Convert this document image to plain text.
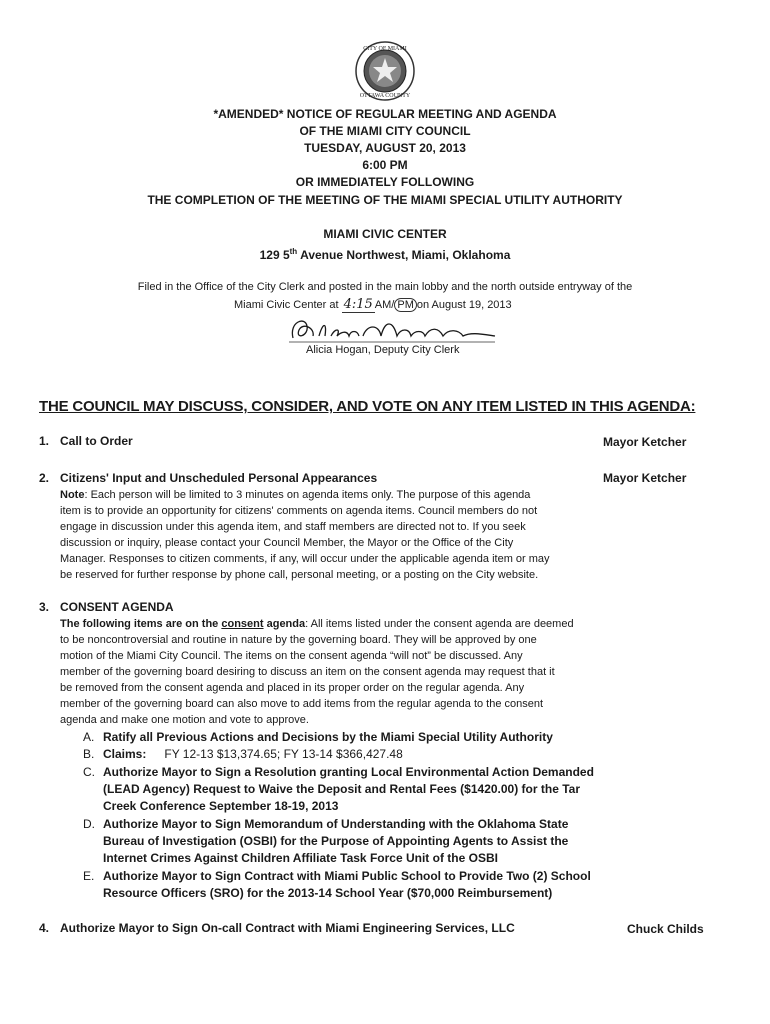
CITY OF MIAMI
OTTAWA COUNTY
*AMENDED* NOTICE OF REGULAR MEETING AND AGENDA
OF THE MIAMI CITY COUNCIL
TUESDAY, AUGUST 20, 2013
6:00 PM
OR IMMEDIATELY FOLLOWING
THE COMPLETION OF THE MEETING OF THE MIAMI SPECIAL UTILITY AUTHORITY
MIAMI CIVIC CENTER
129 5th Avenue Northwest, Miami, Oklahoma
Filed in the Office of the City Clerk and posted in the main lobby and the north outside entryway of the
Miami Civic Center at 4:15 AM/ PM on August 19, 2013
Alicia Hogan, Deputy City Clerk
THE COUNCIL MAY DISCUSS, CONSIDER, AND VOTE ON ANY ITEM LISTED IN THIS AGENDA:
1. Call to Order	Mayor Ketcher
2. Citizens' Input and Unscheduled Personal Appearances	Mayor Ketcher
Note: Each person will be limited to 3 minutes on agenda items only. The purpose of this agenda
item is to provide an opportunity for citizens' comments on agenda items. Council members do not
engage in discussion under this agenda item, and staff members are directed not to. If you seek
discussion or inquiry, please contact your Council Member, the Mayor or the Office of the City
Manager. Responses to citizen comments, if any, will occur under the applicable agenda item or may
be reserved for further response by phone call, personal meeting, or a posting on the City website.
3. CONSENT AGENDA
The following items are on the consent agenda: All items listed under the consent agenda are deemed
to be noncontroversial and routine in nature by the governing board. They will be approved by one
motion of the Miami City Council. The items on the consent agenda “will not” be discussed. Any
member of the governing board desiring to discuss an item on the consent agenda may request that it
be removed from the consent agenda and placed in its proper order on the regular agenda. Any
member of the governing board can also move to add items from the regular agenda to the consent
agenda and make one motion and vote to approve.
A. Ratify all Previous Actions and Decisions by the Miami Special Utility Authority
B. Claims: FY 12-13 $13,374.65; FY 13-14 $366,427.48
C. Authorize Mayor to Sign a Resolution granting Local Environmental Action Demanded
(LEAD Agency) Request to Waive the Deposit and Rental Fees ($1420.00) for the Tar
Creek Conference September 18-19, 2013
D. Authorize Mayor to Sign Memorandum of Understanding with the Oklahoma State
Bureau of Investigation (OSBI) for the Purpose of Appointing Agents to Assist the
Internet Crimes Against Children Affiliate Task Force Unit of the OSBI
E. Authorize Mayor to Sign Contract with Miami Public School to Provide Two (2) School
Resource Officers (SRO) for the 2013-14 School Year ($70,000 Reimbursement)
4. Authorize Mayor to Sign On-call Contract with Miami Engineering Services, LLC	Chuck Childs
